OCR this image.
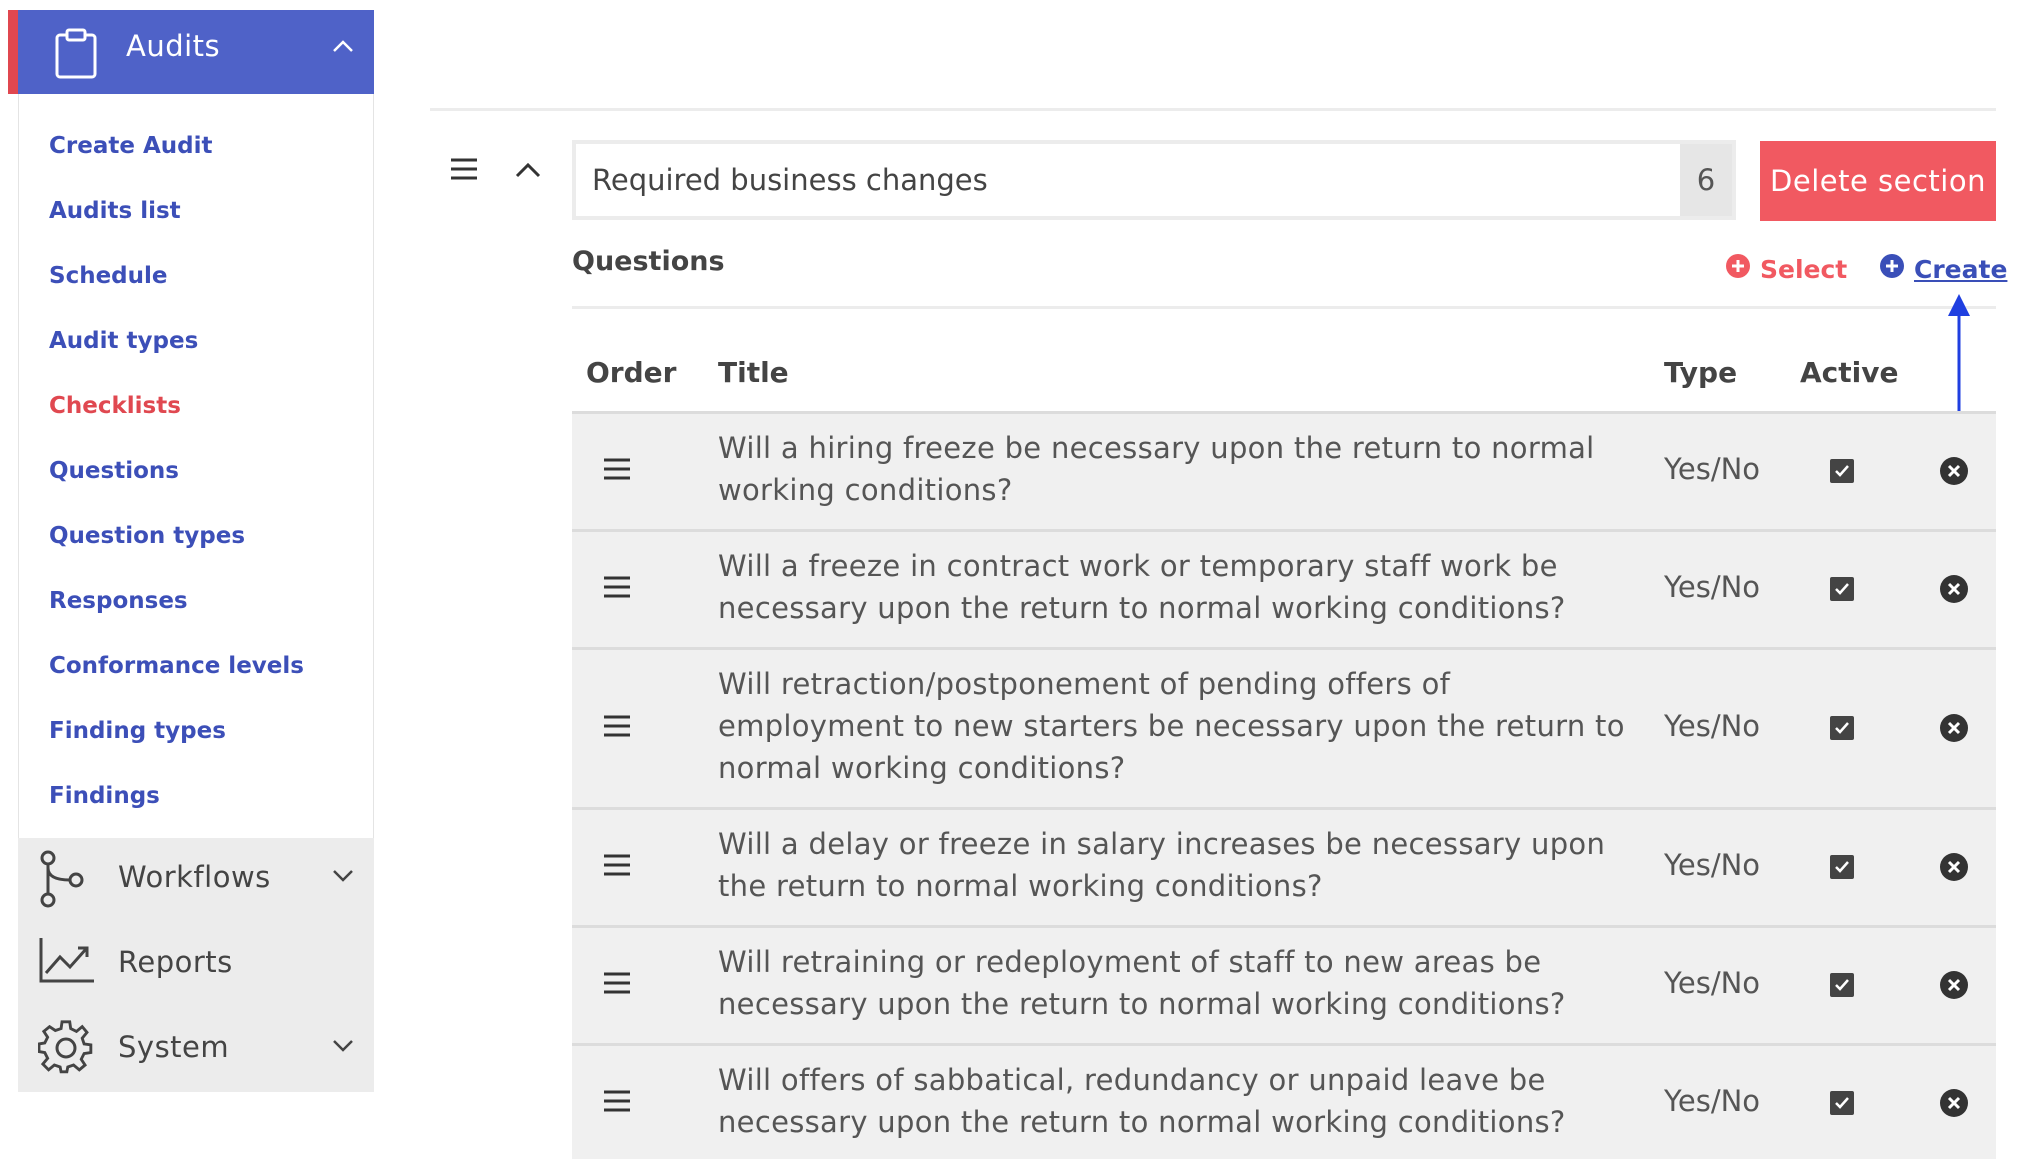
Audits
Create Audit
Audits list
Schedule
Audit types
Checklists
Questions
Question types
Responses
Conformance levels
Finding types
Findings
Workflows
Reports
System
Required business changes
6	Delete section
Questions	Select	Create
Order Title	Type Active
Will a hiring freeze be necessary upon the return to normal working conditions?
Yes/No
Will a freeze in contract work or temporary staff work be necessary upon the return to normal working conditions?
Yes/No
Will retraction/postponement of pending offers of employment to new starters be necessary upon the return to normal working conditions?
Yes/No
Will a delay or freeze in salary increases be necessary upon the return to normal working conditions?
Yes/No
Will retraining or redeployment of staff to new areas be necessary upon the return to normal working conditions?
Yes/No
Will offers of sabbatical, redundancy or unpaid leave be necessary upon the return to normal working conditions?
Yes/No
